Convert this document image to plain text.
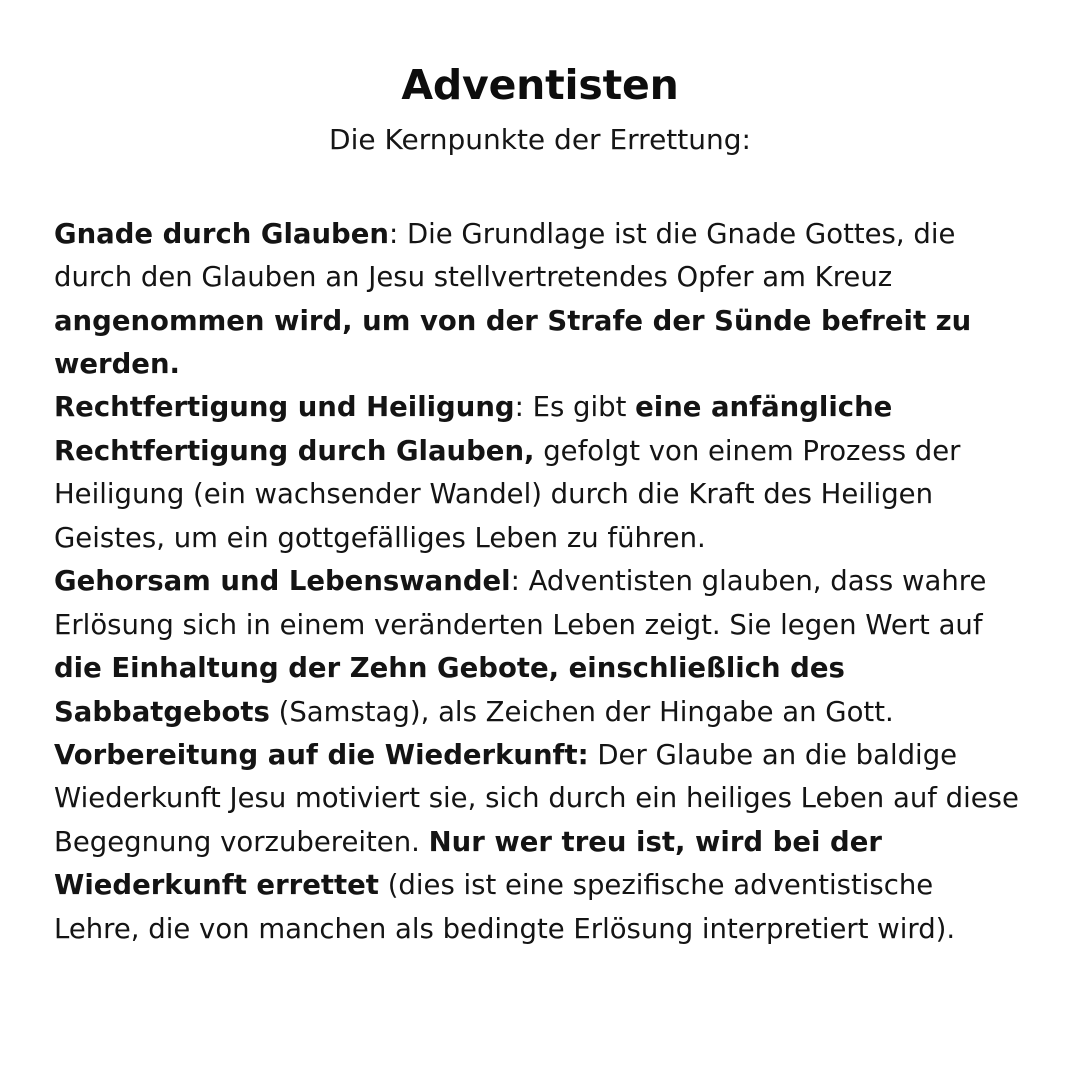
Adventisten
Die Kernpunkte der Errettung:

Gnade durch Glauben: Die Grundlage ist die Gnade Gottes, die durch den Glauben an Jesu stellvertretendes Opfer am Kreuz angenommen wird, um von der Strafe der Sünde befreit zu werden.

Rechtfertigung und Heiligung: Es gibt eine anfängliche Rechtfertigung durch Glauben, gefolgt von einem Prozess der Heiligung (ein wachsender Wandel) durch die Kraft des Heiligen Geistes, um ein gottgefälliges Leben zu führen.

Gehorsam und Lebenswandel: Adventisten glauben, dass wahre Erlösung sich in einem veränderten Leben zeigt. Sie legen Wert auf die Einhaltung der Zehn Gebote, einschließlich des Sabbatgebots (Samstag), als Zeichen der Hingabe an Gott.

Vorbereitung auf die Wiederkunft: Der Glaube an die baldige Wiederkunft Jesu motiviert sie, sich durch ein heiliges Leben auf diese Begegnung vorzubereiten. Nur wer treu ist, wird bei der Wiederkunft errettet (dies ist eine spezifische adventistische Lehre, die von manchen als bedingte Erlösung interpretiert wird).
